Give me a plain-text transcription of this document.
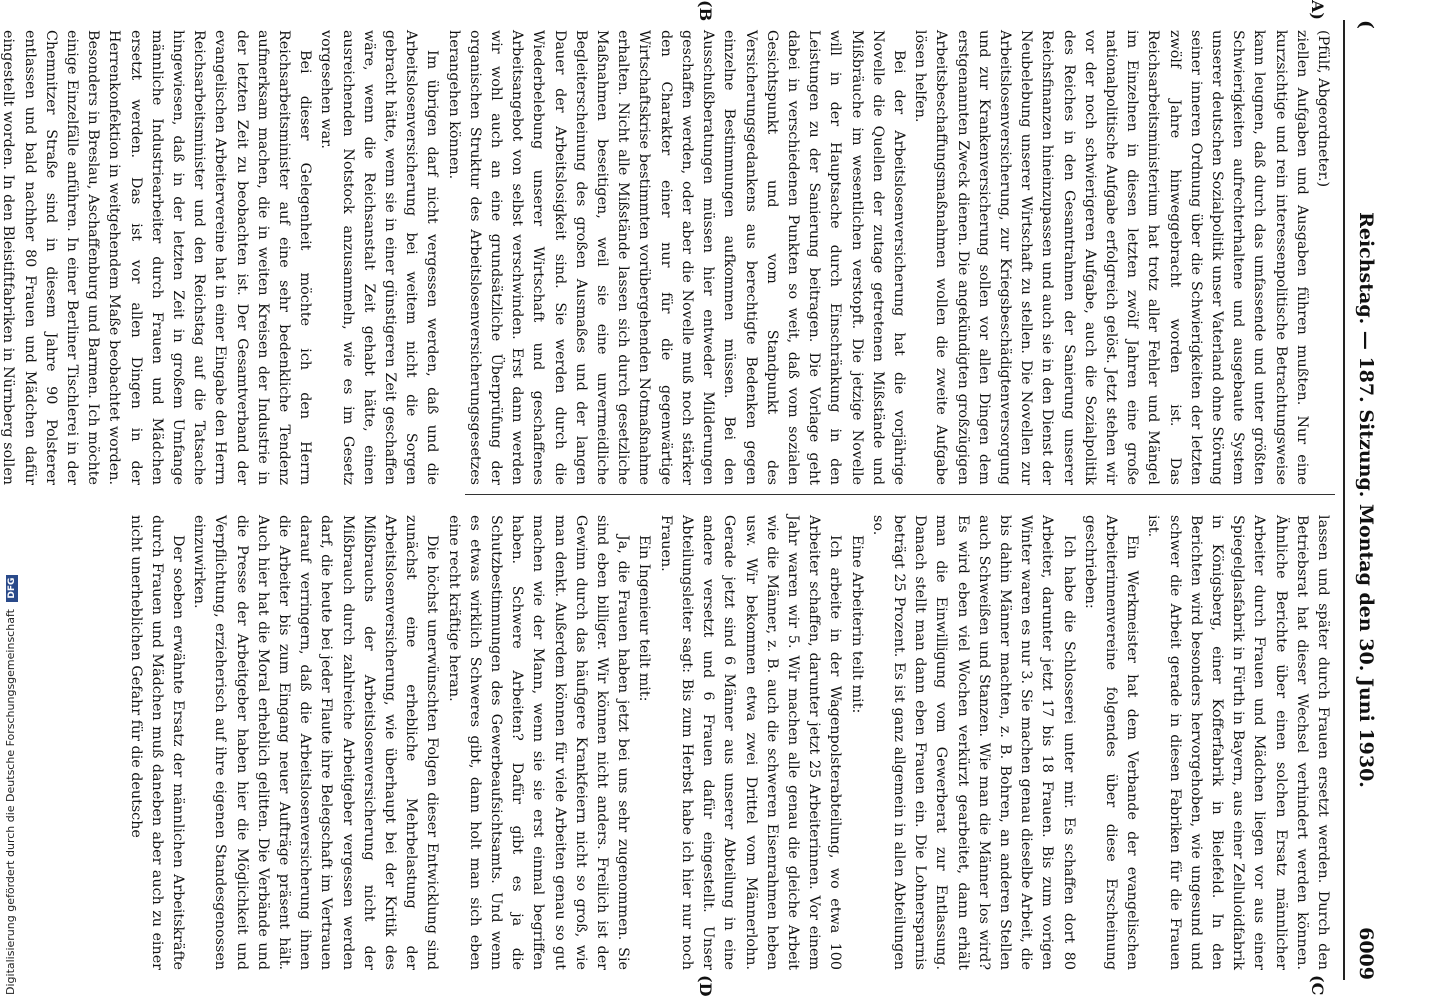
(
Reichstag. — 187. Sitzung. Montag den 30. Juni 1930.
6009
A)
(B
(C
(D

(Pfülf, Abgeordneter.)

ziellen Aufgaben und Ausgaben führen mußten. Nur eine kurzsichtige und rein interessenpolitische Betrachtungsweise kann leugnen, daß durch das umfassende und unter größten Schwierigkeiten aufrechterhaltene und ausgebaute System unserer deutschen Sozialpolitik unser Vaterland ohne Störung seiner inneren Ordnung über die Schwierigkeiten der letzten zwölf Jahre hinweggebracht worden ist. Das Reichsarbeitsministerium hat trotz aller Fehler und Mängel im Einzelnen in diesen letzten zwölf Jahren eine große nationalpolitische Aufgabe erfolgreich gelöst. Jetzt stehen wir vor der noch schwierigeren Aufgabe, auch die Sozialpolitik des Reiches in den Gesamtrahmen der Sanierung unserer Reichsfinanzen hineinzupassen und auch sie in den Dienst der Neubelebung unserer Wirtschaft zu stellen. Die Novellen zur Arbeitslosenversicherung, zur Kriegsbeschädigtenversorgung und zur Krankenversicherung sollen vor allen Dingen dem erstgenannten Zweck dienen. Die angekündigten großzügigen Arbeitsbeschaffungsmaßnahmen wollen die zweite Aufgabe lösen helfen.

Bei der Arbeitslosenversicherung hat die vorjährige Novelle die Quellen der zutage getretenen Mißstände und Mißbräuche im wesentlichen verstopft. Die jetzige Novelle will in der Hauptsache durch Einschränkung in den Leistungen zu der Sanierung beitragen. Die Vorlage geht dabei in verschiedenen Punkten so weit, daß vom sozialen Gesichtspunkt und vom Standpunkt des Versicherungsgedankens aus berechtigte Bedenken gegen einzelne Bestimmungen aufkommen müssen. Bei den Ausschußberatungen müssen hier entweder Milderungen geschaffen werden, oder aber die Novelle muß noch stärker den Charakter einer nur für die gegenwärtige Wirtschaftskrise bestimmten vorübergehenden Notmaßnahme erhalten. Nicht alle Mißstände lassen sich durch gesetzliche Maßnahmen beseitigen, weil sie eine unvermeidliche Begleiterscheinung des großen Ausmaßes und der langen Dauer der Arbeitslosigkeit sind. Sie werden durch die Wiederbelebung unserer Wirtschaft und geschaffenes Arbeitsangebot von selbst verschwinden. Erst dann werden wir wohl auch an eine grundsätzliche Überprüfung der organischen Struktur des Arbeitslosenversicherungsgesetzes herangehen können.

Im übrigen darf nicht vergessen werden, daß und die Arbeitslosenversicherung bei weitem nicht die Sorgen gebracht hätte, wenn sie in einer günstigeren Zeit geschaffen wäre, wenn die Reichsanstalt Zeit gehabt hätte, einen ausreichenden Notstock anzusammeln, wie es im Gesetz vorgesehen war.

Bei dieser Gelegenheit möchte ich den Herrn Reichsarbeitsminister auf eine sehr bedenkliche Tendenz aufmerksam machen, die in weiten Kreisen der Industrie in der letzten Zeit zu beobachten ist. Der Gesamtverband der evangelischen Arbeitervereine hat in einer Eingabe den Herrn Reichsarbeitsminister und den Reichstag auf die Tatsache hingewiesen, daß in der letzten Zeit in großem Umfange männliche Industriearbeiter durch Frauen und Mädchen ersetzt werden. Das ist vor allen Dingen in der Herrenkonfektion in weitgehendem Maße beobachtet worden. Besonders in Breslau, Aschaffenburg und Barmen. Ich möchte einige Einzelfälle anführen. In einer Berliner Tischlerei in der Chemnitzer Straße sind in diesem Jahre 90 Polsterer entlassen und bald nachher 80 Frauen und Mädchen dafür eingestellt worden. In den Bleistiftfabriken in Nürnberg sollen

lassen und später durch Frauen ersetzt werden. Durch den Betriebsrat hat dieser Wechsel verhindert werden können. Ähnliche Berichte über einen solchen Ersatz männlicher Arbeiter durch Frauen und Mädchen liegen vor aus einer Spiegelglasfabrik in Fürth in Bayern, aus einer Zelluloidfabrik in Königsberg, einer Kofferfabrik in Bielefeld. In den Berichten wird besonders hervorgehoben, wie ungesund und schwer die Arbeit gerade in diesen Fabriken für die Frauen ist.

Ein Werkmeister hat dem Verbande der evangelischen Arbeiterinnenvereine folgendes über diese Erscheinung geschrieben:

Ich habe die Schlosserei unter mir. Es schaffen dort 80 Arbeiter, darunter jetzt 17 bis 18 Frauen. Bis zum vorigen Winter waren es nur 3. Sie machen genau dieselbe Arbeit, die bis dahin Männer machten, z. B. Bohren, an anderen Stellen auch Schweißen und Stanzen. Wie man die Männer los wird? Es wird eben viel Wochen verkürzt gearbeitet, dann erhält man die Einwilligung vom Gewerberat zur Entlassung. Danach stellt man dann eben Frauen ein. Die Lohnersparnis beträgt 25 Prozent. Es ist ganz allgemein in allen Abteilungen so.

Eine Arbeiterin teilt mit:

Ich arbeite in der Wagenpolsterabteilung, wo etwa 100 Arbeiter schaffen, darunter jetzt 25 Arbeiterinnen. Vor einem Jahr waren wir 5. Wir machen alle genau die gleiche Arbeit wie die Männer, z. B. auch die schweren Eisenrahmen heben usw. Wir bekommen etwa zwei Drittel vom Männerlohn. Gerade jetzt sind 6 Männer aus unserer Abteilung in eine andere versetzt und 6 Frauen dafür eingestellt. Unser Abteilungsleiter sagt: Bis zum Herbst habe ich hier nur noch Frauen.

Ein Ingenieur teilt mit:

Ja, die Frauen haben jetzt bei uns sehr zugenommen. Sie sind eben billiger. Wir können nicht anders. Freilich ist der Gewinn durch das häufigere Krankfeiern nicht so groß, wie man denkt. Außerdem können für viele Arbeiten genau so gut machen wie der Mann, wenn sie sie erst einmal begriffen haben. Schwere Arbeiten? Dafür gibt es ja die Schutzbestimmungen des Gewerbeaufsichtsamts. Und wenn es etwas wirklich Schweres gibt, dann holt man sich eben eine recht kräftige heran.

Die höchst unerwünschten Folgen dieser Entwicklung sind zunächst eine erhebliche Mehrbelastung der Arbeitslosenversicherung, wie überhaupt bei der Kritik des Mißbrauchs der Arbeitslosenversicherung nicht der Mißbrauch durch zahlreiche Arbeitgeber vergessen werden darf, die heute bei jeder Flaute ihre Belegschaft im Vertrauen darauf verringern, daß die Arbeitslosenversicherung ihnen die Arbeiter bis zum Eingang neuer Aufträge präsent hält. Auch hier hat die Moral erheblich gelitten. Die Verbände und die Presse der Arbeitgeber haben hier die Möglichkeit und Verpflichtung, erzieherisch auf ihre eigenen Standesgenossen einzuwirken.

Der soeben erwähnte Ersatz der männlichen Arbeitskräfte durch Frauen und Mädchen muß daneben aber auch zu einer nicht unerheblichen Gefahr für die deutsche

Digitalisierung gefördert durch die Deutsche Forschungsgemeinschaft DFG
